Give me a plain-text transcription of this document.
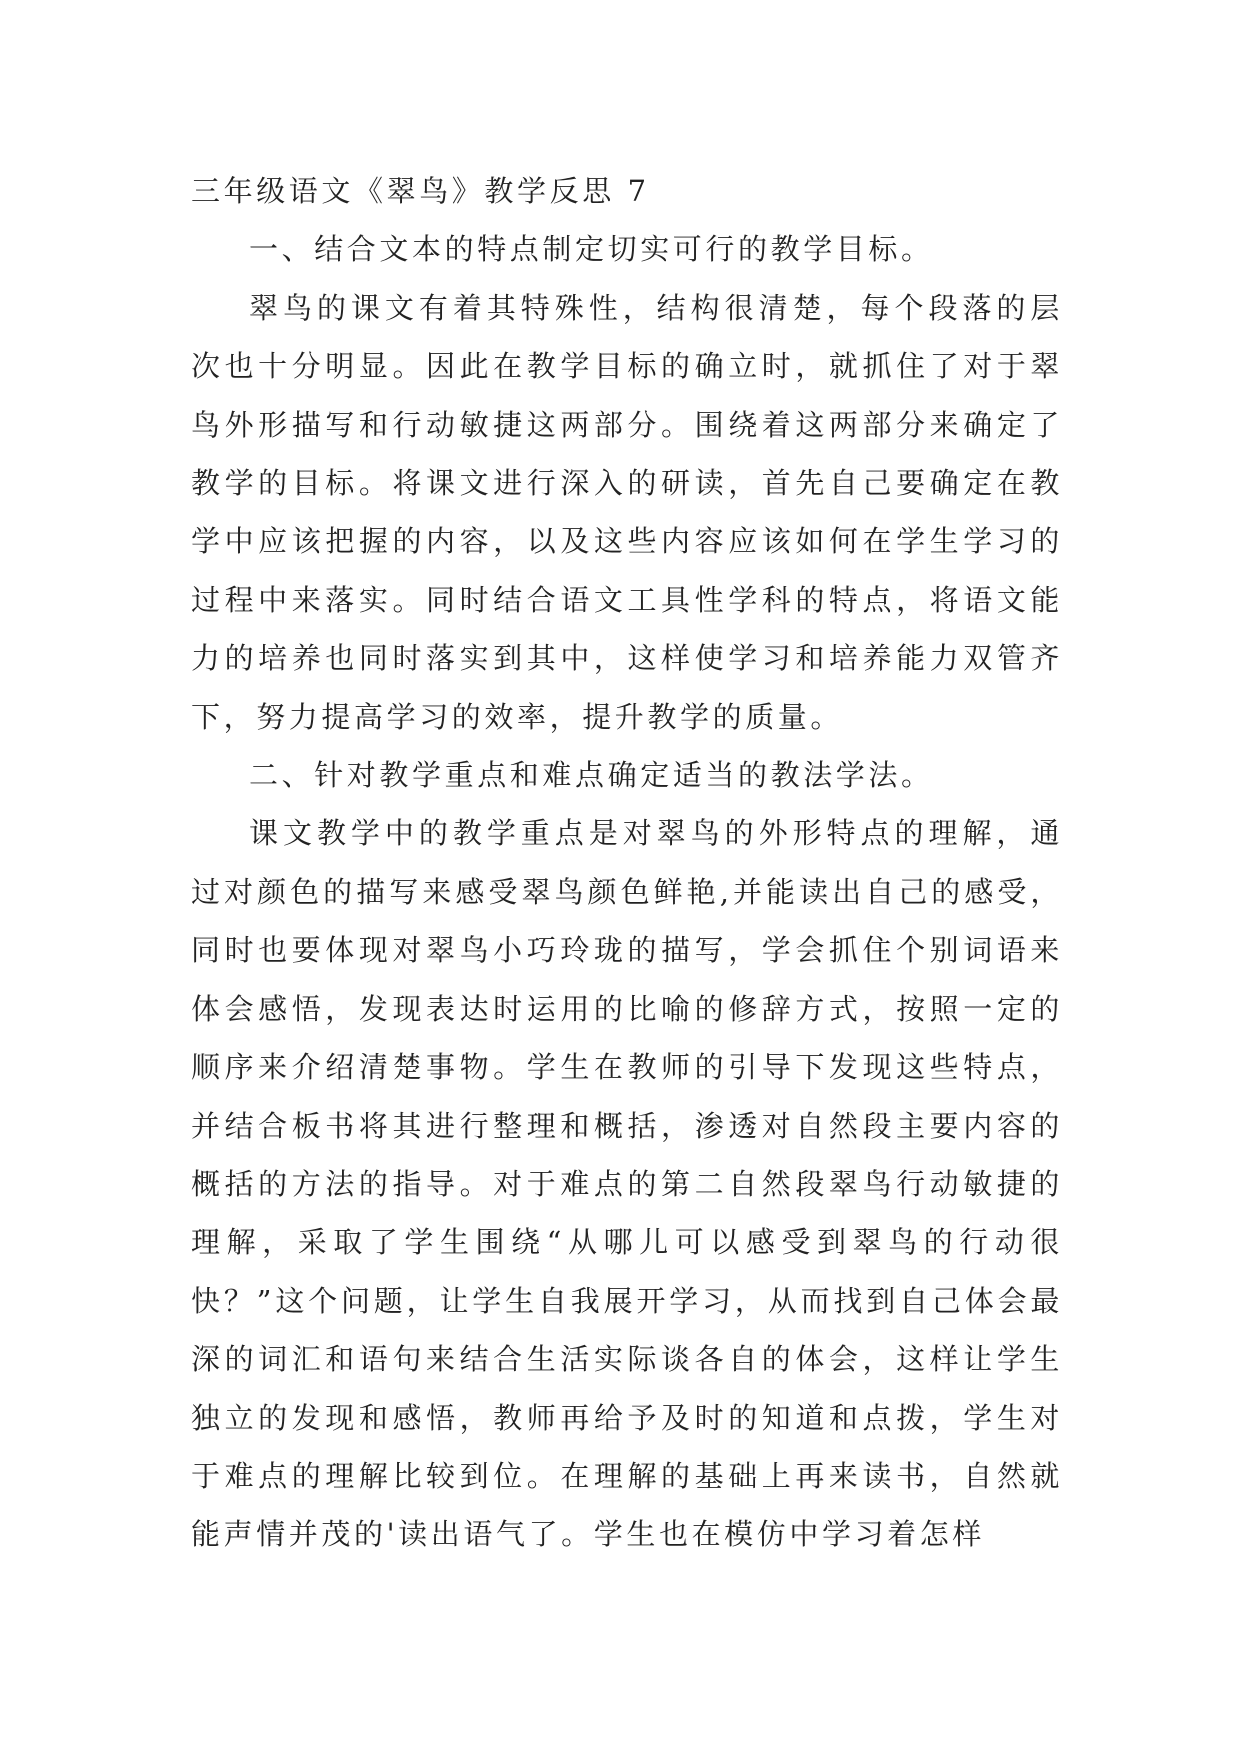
三年级语文《翠鸟》教学反思 7

一、结合文本的特点制定切实可行的教学目标。

翠鸟的课文有着其特殊性，结构很清楚，每个段落的层次也十分明显。因此在教学目标的确立时，就抓住了对于翠鸟外形描写和行动敏捷这两部分。围绕着这两部分来确定了教学的目标。将课文进行深入的研读，首先自己要确定在教学中应该把握的内容，以及这些内容应该如何在学生学习的过程中来落实。同时结合语文工具性学科的特点，将语文能力的培养也同时落实到其中，这样使学习和培养能力双管齐下，努力提高学习的效率，提升教学的质量。

二、针对教学重点和难点确定适当的教法学法。

课文教学中的教学重点是对翠鸟的外形特点的理解，通过对颜色的描写来感受翠鸟颜色鲜艳,并能读出自己的感受，同时也要体现对翠鸟小巧玲珑的描写，学会抓住个别词语来体会感悟，发现表达时运用的比喻的修辞方式，按照一定的顺序来介绍清楚事物。学生在教师的引导下发现这些特点，并结合板书将其进行整理和概括，渗透对自然段主要内容的概括的方法的指导。对于难点的第二自然段翠鸟行动敏捷的理解，采取了学生围绕“从哪儿可以感受到翠鸟的行动很快？”这个问题，让学生自我展开学习，从而找到自己体会最深的词汇和语句来结合生活实际谈各自的体会，这样让学生独立的发现和感悟，教师再给予及时的知道和点拨，学生对于难点的理解比较到位。在理解的基础上再来读书，自然就能声情并茂的'读出语气了。学生也在模仿中学习着怎样
